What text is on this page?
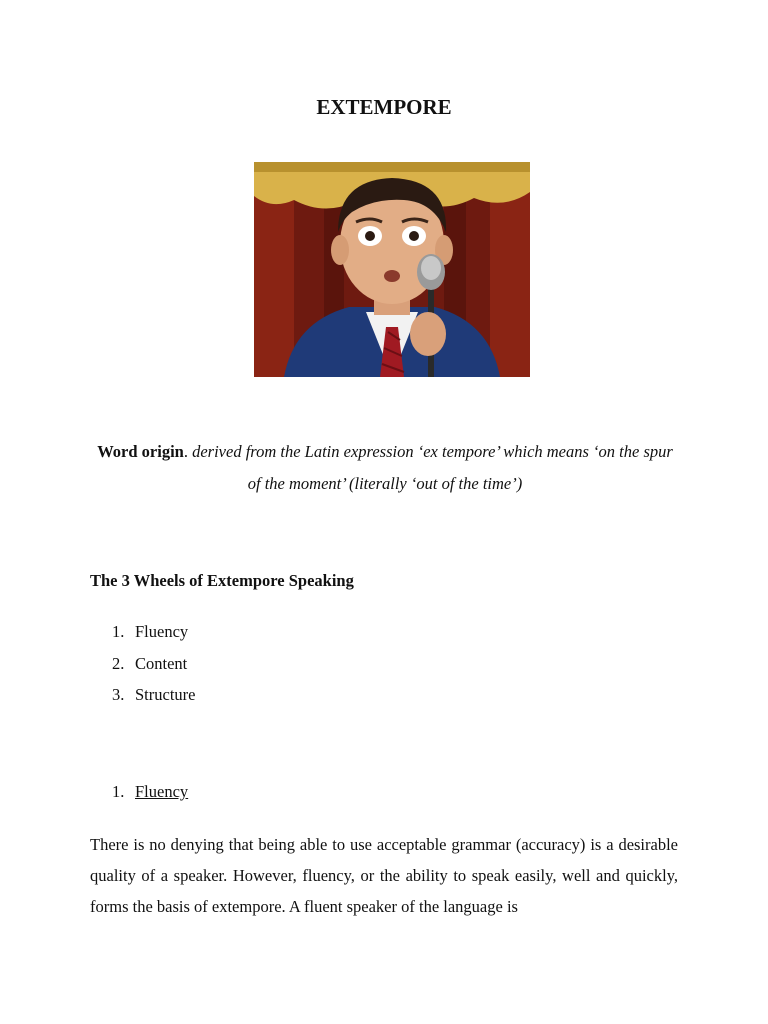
EXTEMPORE

Word origin. derived from the Latin expression ‘ex tempore’ which means ‘on the spur of the moment’ (literally ‘out of the time’)

The 3 Wheels of Extempore Speaking
1. Fluency
2. Content
3. Structure

1. Fluency

There is no denying that being able to use acceptable grammar (accuracy) is a desirable quality of a speaker. However, fluency, or the ability to speak easily, well and quickly, forms the basis of extempore. A fluent speaker of the language is
